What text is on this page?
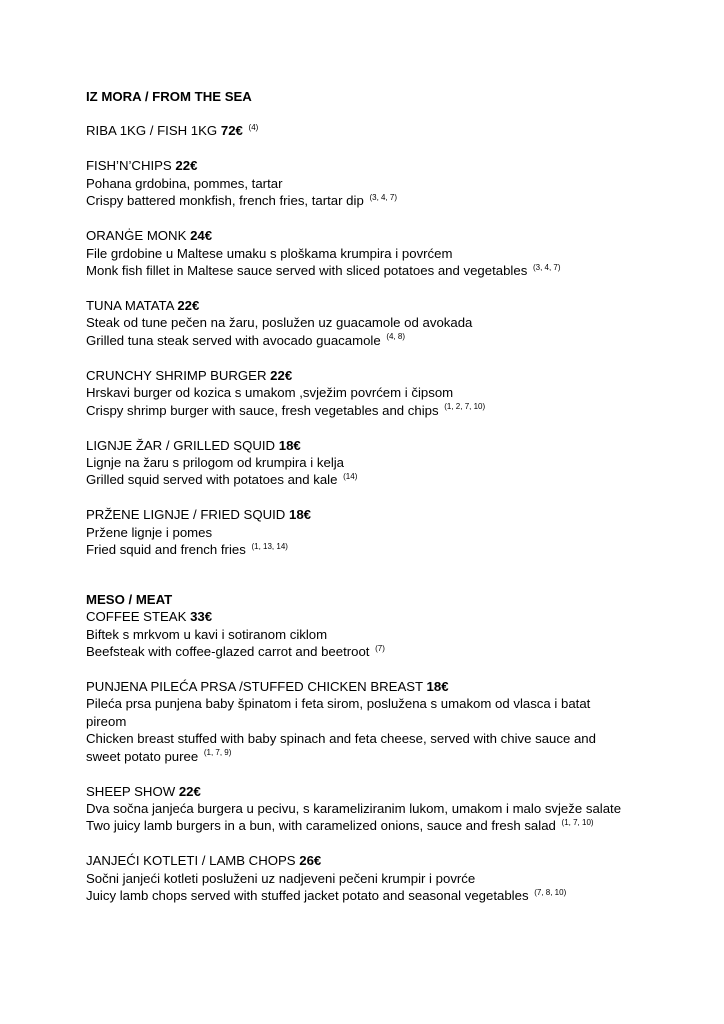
IZ MORA / FROM THE SEA
RIBA 1KG / FISH 1KG 72€ $^{(4)}$
FISH’N’CHIPS 22€
Pohana grdobina, pommes, tartar
Crispy battered monkfish, french fries, tartar dip $^{(3, 4, 7)}$
ORANĠE MONK 24€
File grdobine u Maltese umaku s ploškama krumpira i povrćem
Monk fish fillet in Maltese sauce served with sliced potatoes and vegetables $^{(3, 4, 7)}$
TUNA MATATA 22€
Steak od tune pečen na žaru, poslužen uz guacamole od avokada
Grilled tuna steak served with avocado guacamole $^{(4, 8)}$
CRUNCHY SHRIMP BURGER 22€
Hrskavi burger od kozica s umakom ,svježim povrćem i čipsom
Crispy shrimp burger with sauce, fresh vegetables and chips $^{(1, 2, 7, 10)}$
LIGNJE ŽAR / GRILLED SQUID 18€
Lignje na žaru s prilogom od krumpira i kelja
Grilled squid served with potatoes and kale $^{(14)}$
PRŽENE LIGNJE / FRIED SQUID 18€
Pržene lignje i pomes
Fried squid and french fries $^{(1, 13, 14)}$
MESO / MEAT
COFFEE STEAK 33€
Biftek s mrkvom u kavi i sotiranom ciklom
Beefsteak with coffee-glazed carrot and beetroot $^{(7)}$
PUNJENA PILEĆA PRSA /STUFFED CHICKEN BREAST 18€
Pileća prsa punjena baby špinatom i feta sirom, poslužena s umakom od vlasca i batat pireom
Chicken breast stuffed with baby spinach and feta cheese, served with chive sauce and sweet potato puree $^{(1, 7, 9)}$
SHEEP SHOW 22€
Dva sočna janjeća burgera u pecivu, s karameliziranim lukom, umakom i malo svježe salate
Two juicy lamb burgers in a bun, with caramelized onions, sauce and fresh salad $^{(1, 7, 10)}$
JANJEĆI KOTLETI / LAMB CHOPS 26€
Sočni janjeći kotleti posluženi uz nadjeveni pečeni krumpir i povrće
Juicy lamb chops served with stuffed jacket potato and seasonal vegetables $^{(7, 8, 10)}$
